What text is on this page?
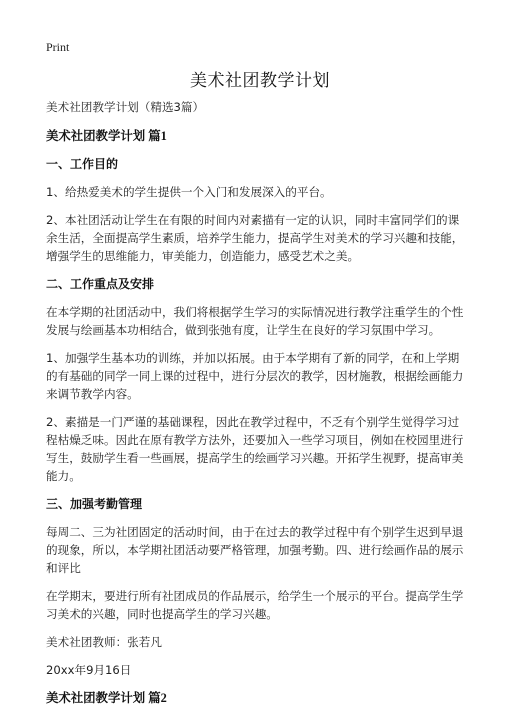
Print
美术社团教学计划

美术社团教学计划（精选3篇）

美术社团教学计划 篇1

一、工作目的

1、给热爱美术的学生提供一个入门和发展深入的平台。

2、本社团活动让学生在有限的时间内对素描有一定的认识，同时丰富同学们的课

余生活，全面提高学生素质，培养学生能力，提高学生对美术的学习兴趣和技能，

增强学生的思维能力，审美能力，创造能力，感受艺术之美。

二、工作重点及安排

在本学期的社团活动中，我们将根据学生学习的实际情况进行教学注重学生的个性

发展与绘画基本功相结合，做到张弛有度，让学生在良好的学习氛围中学习。

1、加强学生基本功的训练，并加以拓展。由于本学期有了新的同学，在和上学期

的有基础的同学一同上课的过程中，进行分层次的教学，因材施教，根据绘画能力

来调节教学内容。

2、素描是一门严谨的基础课程，因此在教学过程中，不乏有个别学生觉得学习过

程枯燥乏味。因此在原有教学方法外，还要加入一些学习项目，例如在校园里进行

写生，鼓励学生看一些画展，提高学生的绘画学习兴趣。开拓学生视野，提高审美

能力。

三、加强考勤管理

每周二、三为社团固定的活动时间，由于在过去的教学过程中有个别学生迟到早退

的现象，所以，本学期社团活动要严格管理，加强考勤。四、进行绘画作品的展示

和评比

在学期末，要进行所有社团成员的作品展示，给学生一个展示的平台。提高学生学

习美术的兴趣，同时也提高学生的学习兴趣。

美术社团教师：张若凡

20xx年9月16日

美术社团教学计划 篇2
